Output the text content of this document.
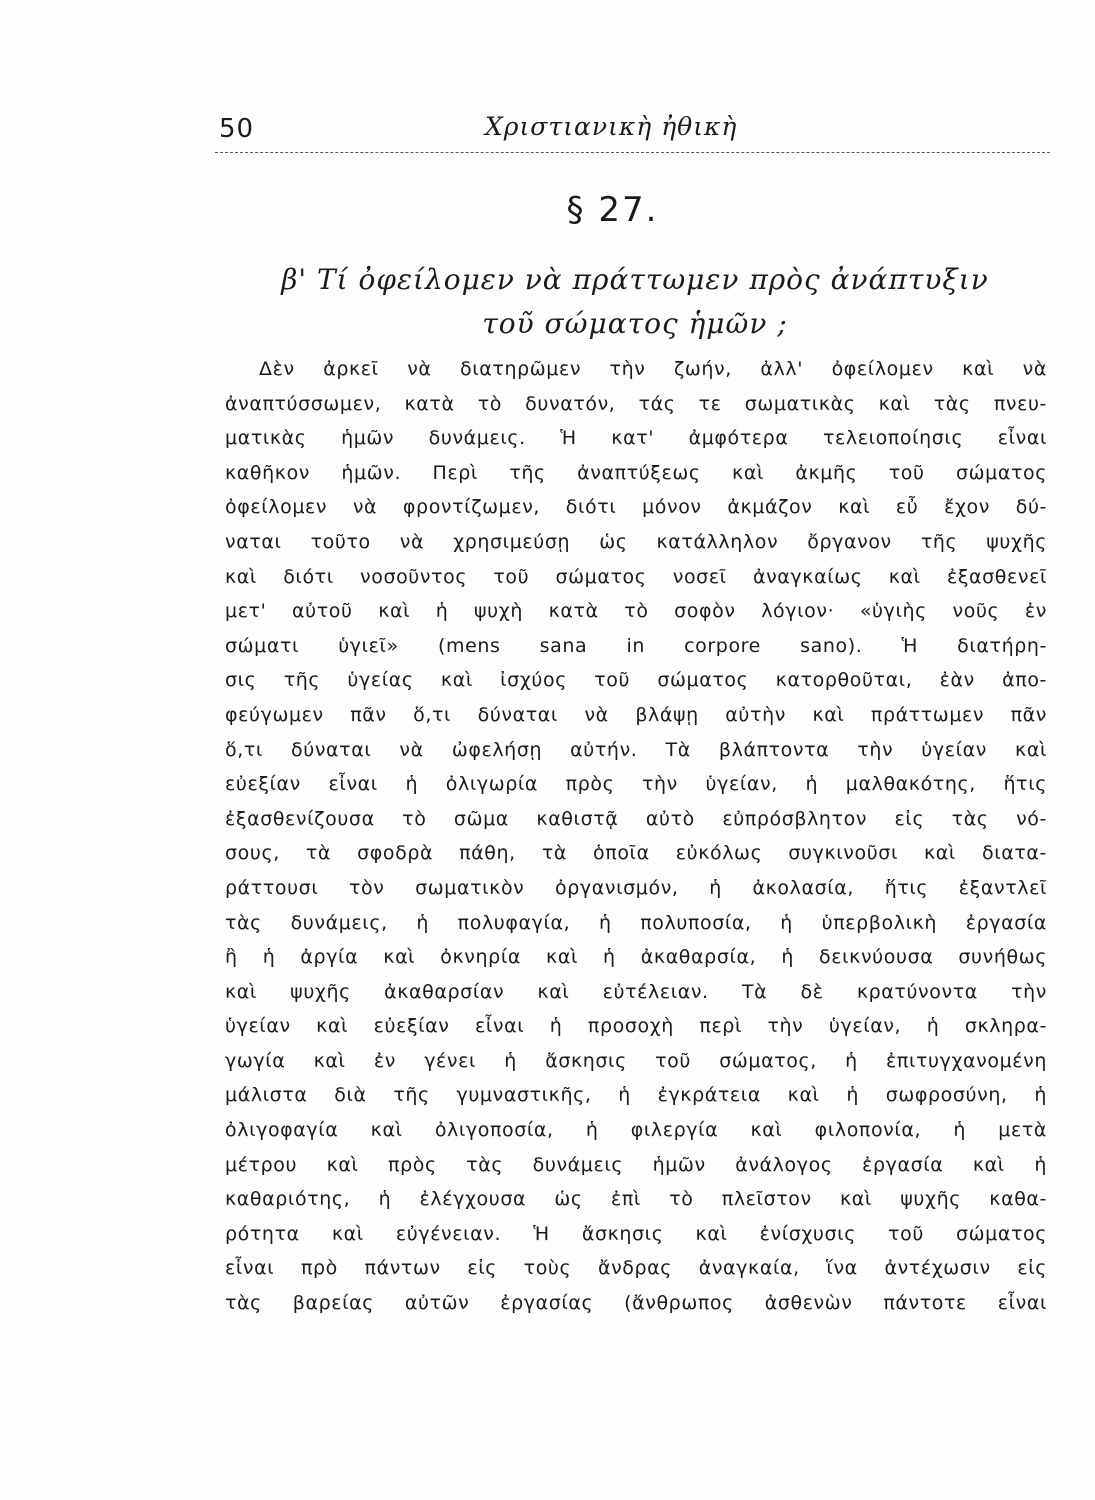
50	Χριστιανικὴ ἠθικὴ
§ 27.
β' Τί ὀφείλομεν νὰ πράττωμεν πρὸς ἀνάπτυξιν
τοῦ σώματος ἡμῶν ;
Δὲν ἀρκεῖ νὰ διατηρῶμεν τὴν ζωήν, ἀλλ' ὀφείλομεν καὶ νὰ
ἀναπτύσσωμεν, κατὰ τὸ δυνατόν, τάς τε σωματικὰς καὶ τὰς πνευ-
ματικὰς ἡμῶν δυνάμεις. Ἡ κατ' ἀμφότερα τελειοποίησις εἶναι
καθῆκον ἡμῶν. Περὶ τῆς ἀναπτύξεως καὶ ἀκμῆς τοῦ σώματος
ὀφείλομεν νὰ φροντίζωμεν, διότι μόνον ἀκμάζον καὶ εὖ ἔχον δύ-
ναται τοῦτο νὰ χρησιμεύσῃ ὡς κατάλληλον ὄργανον τῆς ψυχῆς
καὶ διότι νοσοῦντος τοῦ σώματος νοσεῖ ἀναγκαίως καὶ ἐξασθενεῖ
μετ' αὐτοῦ καὶ ἡ ψυχὴ κατὰ τὸ σοφὸν λόγιον· «ὑγιὴς νοῦς ἐν
σώματι ὑγιεῖ» (mens sana in corpore sano). Ἡ διατήρη-
σις τῆς ὑγείας καὶ ἰσχύος τοῦ σώματος κατορθοῦται, ἐὰν ἀπο-
φεύγωμεν πᾶν ὅ,τι δύναται νὰ βλάψῃ αὐτὴν καὶ πράττωμεν πᾶν
ὅ,τι δύναται νὰ ὠφελήσῃ αὐτήν. Τὰ βλάπτοντα τὴν ὑγείαν καὶ
εὐεξίαν εἶναι ἡ ὀλιγωρία πρὸς τὴν ὑγείαν, ἡ μαλθακότης, ἥτις
ἐξασθενίζουσα τὸ σῶμα καθιστᾷ αὐτὸ εὐπρόσβλητον εἰς τὰς νό-
σους, τὰ σφοδρὰ πάθη, τὰ ὁποῖα εὐκόλως συγκινοῦσι καὶ διατα-
ράττουσι τὸν σωματικὸν ὀργανισμόν, ἡ ἀκολασία, ἥτις ἐξαντλεῖ
τὰς δυνάμεις, ἡ πολυφαγία, ἡ πολυποσία, ἡ ὑπερβολικὴ ἐργασία
ἢ ἡ ἀργία καὶ ὀκνηρία καὶ ἡ ἀκαθαρσία, ἡ δεικνύουσα συνήθως
καὶ ψυχῆς ἀκαθαρσίαν καὶ εὐτέλειαν. Τὰ δὲ κρατύνοντα τὴν
ὑγείαν καὶ εὐεξίαν εἶναι ἡ προσοχὴ περὶ τὴν ὑγείαν, ἡ σκληρα-
γωγία καὶ ἐν γένει ἡ ἄσκησις τοῦ σώματος, ἡ ἐπιτυγχανομένη
μάλιστα διὰ τῆς γυμναστικῆς, ἡ ἐγκράτεια καὶ ἡ σωφροσύνη, ἡ
ὀλιγοφαγία καὶ ὀλιγοποσία, ἡ φιλεργία καὶ φιλοπονία, ἡ μετὰ
μέτρου καὶ πρὸς τὰς δυνάμεις ἡμῶν ἀνάλογος ἐργασία καὶ ἡ
καθαριότης, ἡ ἐλέγχουσα ὡς ἐπὶ τὸ πλεῖστον καὶ ψυχῆς καθα-
ρότητα καὶ εὐγένειαν. Ἡ ἄσκησις καὶ ἐνίσχυσις τοῦ σώματος
εἶναι πρὸ πάντων εἰς τοὺς ἄνδρας ἀναγκαία, ἵνα ἀντέχωσιν εἰς
τὰς βαρείας αὐτῶν ἐργασίας (ἄνθρωπος ἀσθενὼν πάντοτε εἶναι
